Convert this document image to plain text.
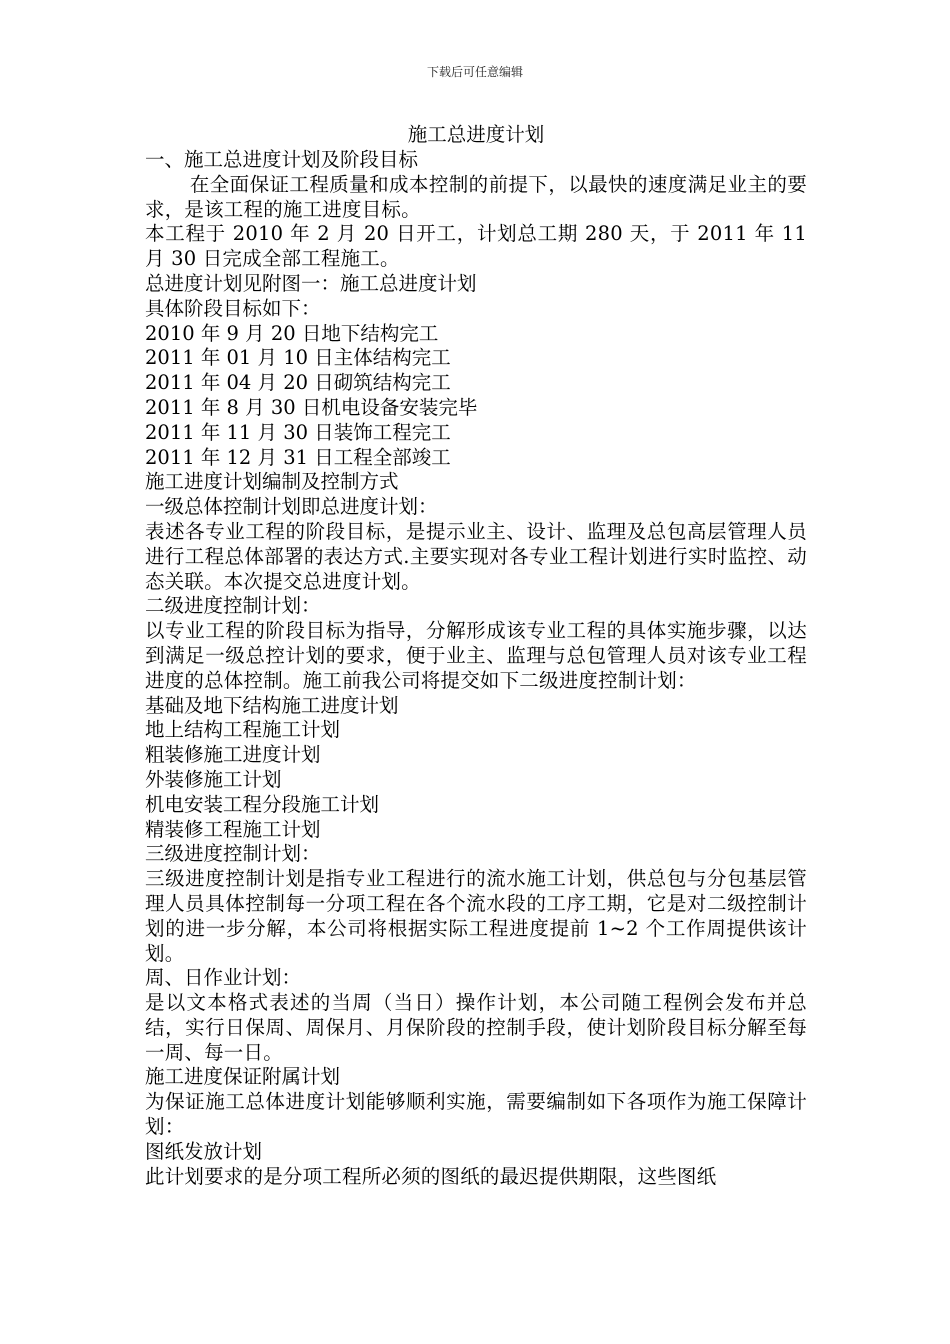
下载后可任意编辑
施工总进度计划

一、施工总进度计划及阶段目标

在全面保证工程质量和成本控制的前提下，以最快的速度满足业主的要求，是该工程的施工进度目标。

本工程于 2010 年 2 月 20 日开工，计划总工期 280 天，于 2011 年 11 月 30 日完成全部工程施工。

总进度计划见附图一：施工总进度计划

具体阶段目标如下：

2010 年 9 月 20 日地下结构完工

2011 年 01 月 10 日主体结构完工

2011 年 04 月 20 日砌筑结构完工

2011 年 8 月 30 日机电设备安装完毕

2011 年 11 月 30 日装饰工程完工

2011 年 12 月 31 日工程全部竣工

施工进度计划编制及控制方式

一级总体控制计划即总进度计划：

表述各专业工程的阶段目标，是提示业主、设计、监理及总包高层管理人员进行工程总体部署的表达方式.主要实现对各专业工程计划进行实时监控、动态关联。本次提交总进度计划。

二级进度控制计划：

以专业工程的阶段目标为指导，分解形成该专业工程的具体实施步骤，以达到满足一级总控计划的要求，便于业主、监理与总包管理人员对该专业工程进度的总体控制。施工前我公司将提交如下二级进度控制计划：

基础及地下结构施工进度计划

地上结构工程施工计划

粗装修施工进度计划

外装修施工计划

机电安装工程分段施工计划

精装修工程施工计划

三级进度控制计划：

三级进度控制计划是指专业工程进行的流水施工计划，供总包与分包基层管理人员具体控制每一分项工程在各个流水段的工序工期，它是对二级控制计划的进一步分解，本公司将根据实际工程进度提前 1~2 个工作周提供该计划。

周、日作业计划：

是以文本格式表述的当周（当日）操作计划，本公司随工程例会发布并总结，实行日保周、周保月、月保阶段的控制手段，使计划阶段目标分解至每一周、每一日。

施工进度保证附属计划

为保证施工总体进度计划能够顺利实施，需要编制如下各项作为施工保障计划：

图纸发放计划

此计划要求的是分项工程所必须的图纸的最迟提供期限，这些图纸
